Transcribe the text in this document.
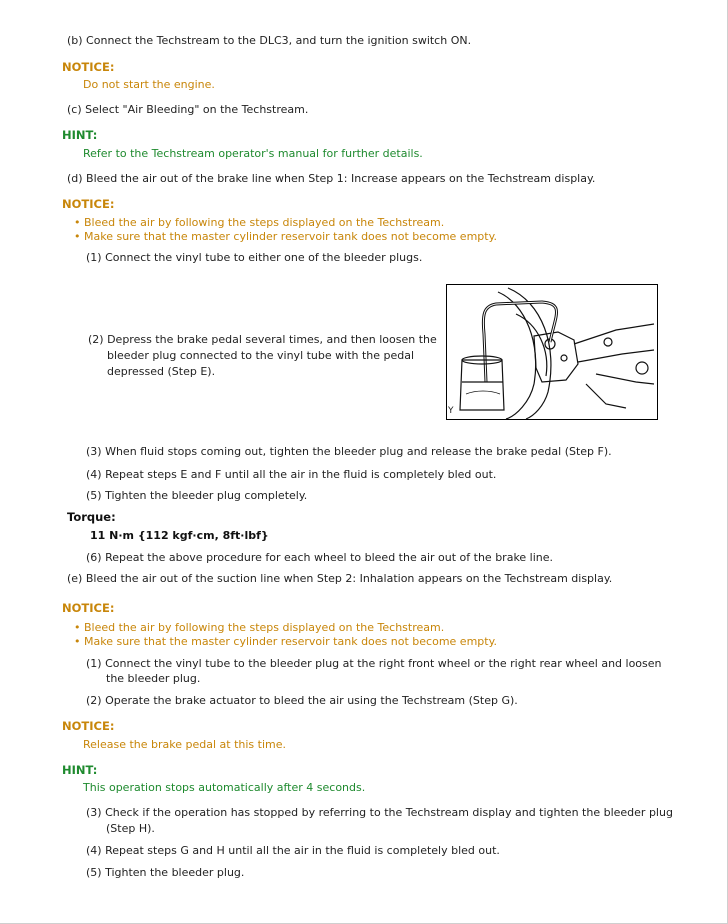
(b) Connect the Techstream to the DLC3, and turn the ignition switch ON.
NOTICE:
Do not start the engine.
(c) Select "Air Bleeding" on the Techstream.
HINT:
Refer to the Techstream operator's manual for further details.
(d) Bleed the air out of the brake line when Step 1: Increase appears on the Techstream display.
NOTICE:
• Bleed the air by following the steps displayed on the Techstream.
• Make sure that the master cylinder reservoir tank does not become empty.
(1) Connect the vinyl tube to either one of the bleeder plugs.
(2) Depress the brake pedal several times, and then loosen the
bleeder plug connected to the vinyl tube with the pedal
depressed (Step E).
Y
(3) When fluid stops coming out, tighten the bleeder plug and release the brake pedal (Step F).
(4) Repeat steps E and F until all the air in the fluid is completely bled out.
(5) Tighten the bleeder plug completely.
Torque:
11 N·m {112 kgf·cm, 8ft·lbf}
(6) Repeat the above procedure for each wheel to bleed the air out of the brake line.
(e) Bleed the air out of the suction line when Step 2: Inhalation appears on the Techstream display.
NOTICE:
• Bleed the air by following the steps displayed on the Techstream.
• Make sure that the master cylinder reservoir tank does not become empty.
(1) Connect the vinyl tube to the bleeder plug at the right front wheel or the right rear wheel and loosen
the bleeder plug.
(2) Operate the brake actuator to bleed the air using the Techstream (Step G).
NOTICE:
Release the brake pedal at this time.
HINT:
This operation stops automatically after 4 seconds.
(3) Check if the operation has stopped by referring to the Techstream display and tighten the bleeder plug
(Step H).
(4) Repeat steps G and H until all the air in the fluid is completely bled out.
(5) Tighten the bleeder plug.
